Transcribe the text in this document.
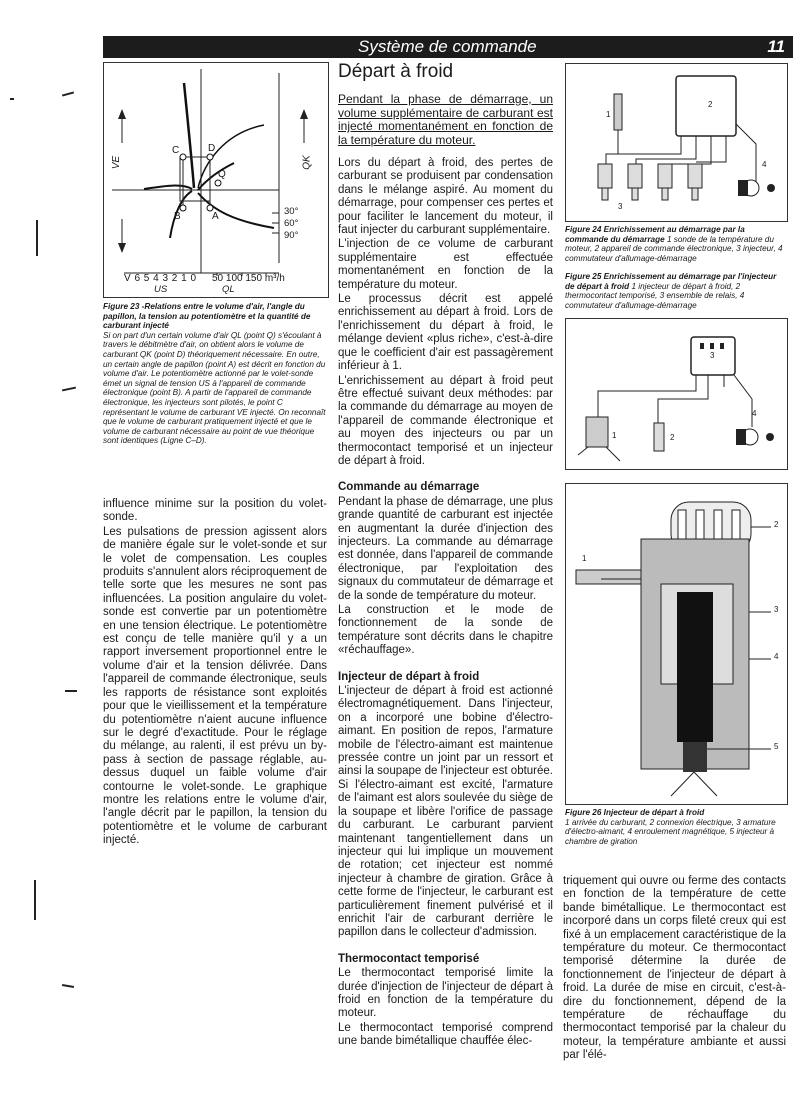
Système de commande	11
VE	QK
C	D
Q
B	A	30°
60°
90°
V 6 5 4 3 2 1 0 50 100 150 m³/h
US	QL
Figure 23 -Relations entre le volume d'air, l'angle du papillon, la tension au potentiomètre et la quantité de carburant injecté
Si on part d'un certain volume d'air QL (point Q) s'écoulant à travers le débitmètre d'air, on obtient alors le volume de carburant QK (point D) théoriquement nécessaire. En outre, un certain angle de papillon (point A) est décrit en fonction du volume d'air. Le potentiomètre actionné par le volet-sonde émet un signal de tension US à l'appareil de commande électronique (point B). A partir de l'appareil de commande électronique, les injecteurs sont pilotés, le point C représentant le volume de carburant VE injecté. On reconnaît que le volume de carburant pratiquement injecté et que le volume de carburant nécessaire au point de vue théorique sont identiques (Ligne C–D).

influence minime sur la position du volet-sonde.

Les pulsations de pression agissent alors de manière égale sur le volet-sonde et sur le volet de compensation. Les couples produits s'annulent alors réciproquement de telle sorte que les mesures ne sont pas influencées. La position angulaire du volet-sonde est convertie par un potentiomètre en une tension électrique. Le potentiomètre est conçu de telle manière qu'il y a un rapport inversement proportionnel entre le volume d'air et la tension délivrée. Dans l'appareil de commande électronique, seuls les rapports de résistance sont exploités pour que le vieillissement et la température du potentiomètre n'aient aucune influence sur le degré d'exactitude. Pour le réglage du mélange, au ralenti, il est prévu un by-pass à section de passage réglable, au-dessus duquel un faible volume d'air contourne le volet-sonde. Le graphique montre les relations entre le volume d'air, l'angle décrit par le papillon, la tension du potentiomètre et le volume de carburant injecté.

Départ à froid
Pendant la phase de démarrage, un volume supplémentaire de carburant est injecté momentanément en fonction de la température du moteur.

Lors du départ à froid, des pertes de carburant se produisent par condensation dans le mélange aspiré. Au moment du démarrage, pour compenser ces pertes et pour faciliter le lancement du moteur, il faut injecter du carburant supplémentaire.

L'injection de ce volume de carburant supplémentaire est effectuée momentanément en fonction de la température du moteur.

Le processus décrit est appelé enrichissement au départ à froid. Lors de l'enrichissement du départ à froid, le mélange devient «plus riche», c'est-à-dire que le coefficient d'air est passagèrement inférieur à 1.

L'enrichissement au départ à froid peut être effectué suivant deux méthodes: par la commande du démarrage au moyen de l'appareil de commande électronique et au moyen des injecteurs ou par un thermocontact temporisé et un injecteur de départ à froid.

Commande au démarrage

Pendant la phase de démarrage, une plus grande quantité de carburant est injectée en augmentant la durée d'injection des injecteurs. La commande au démarrage est donnée, dans l'appareil de commande électronique, par l'exploitation des signaux du commutateur de démarrage et de la sonde de température du moteur.

La construction et le mode de fonctionnement de la sonde de température sont décrits dans le chapitre «réchauffage».

Injecteur de départ à froid

L'injecteur de départ à froid est actionné électromagnétiquement. Dans l'injecteur, on a incorporé une bobine d'électro-aimant. En position de repos, l'armature mobile de l'électro-aimant est maintenue pressée contre un joint par un ressort et ainsi la soupape de l'injecteur est obturée. Si l'électro-aimant est excité, l'armature de l'aimant est alors soulevée du siège de la soupape et libère l'orifice de passage du carburant. Le carburant parvient maintenant tangentiellement dans un injecteur qui lui implique un mouvement de rotation; cet injecteur est nommé injecteur à chambre de giration. Grâce à cette forme de l'injecteur, le carburant est particulièrement finement pulvérisé et il enrichit l'air de carburant derrière le papillon dans le collecteur d'admission.

Thermocontact temporisé

Le thermocontact temporisé limite la durée d'injection de l'injecteur de départ à froid en fonction de la température du moteur.

Le thermocontact temporisé comprend une bande bimétallique chauffée élec-

1
2
3
4
Figure 24 Enrichissement au démarrage par la commande du démarrage 1 sonde de la température du moteur, 2 appareil de commande électronique, 3 injecteur, 4 commutateur d'allumage-démarrage
Figure 25 Enrichissement au démarrage par l'injecteur de départ à froid 1 injecteur de départ à froid, 2 thermocontact temporisé, 3 ensemble de relais, 4 commutateur d'allumage-démarrage
1	2
3
4
1
2
3
4
5
Figure 26 Injecteur de départ à froid
1 arrivée du carburant, 2 connexion électrique, 3 armature d'électro-aimant, 4 enroulement magnétique, 5 injecteur à chambre de giration

triquement qui ouvre ou ferme des contacts en fonction de la température de cette bande bimétallique. Le thermocontact est incorporé dans un corps fileté creux qui est fixé à un emplacement caractéristique de la température du moteur. Ce thermocontact temporisé détermine la durée de fonctionnement de l'injecteur de départ à froid. La durée de mise en circuit, c'est-à-dire du fonctionnement, dépend de la température de réchauffage du thermocontact temporisé par la chaleur du moteur, la température ambiante et aussi par l'élé-
